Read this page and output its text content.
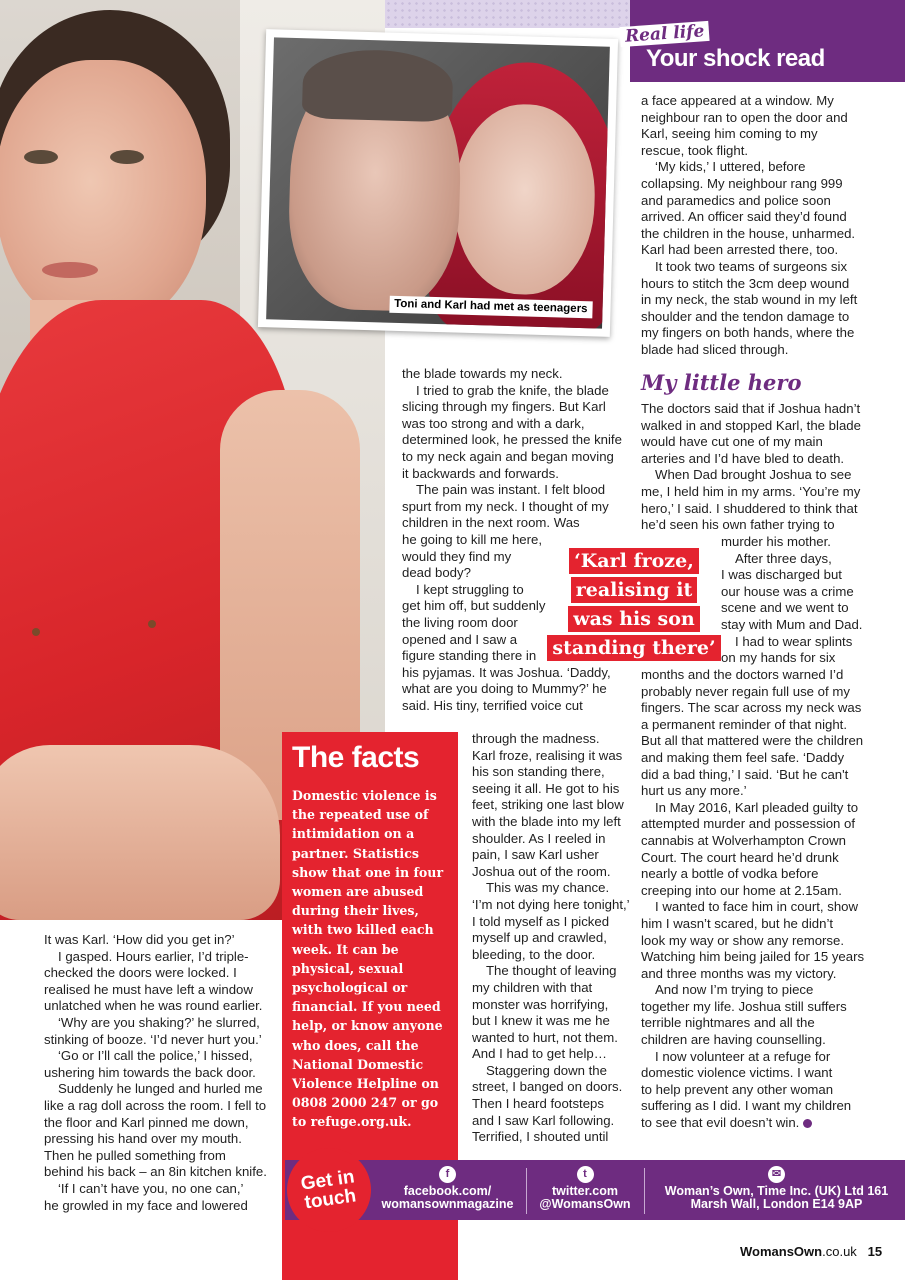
Toni and Karl had met as teenagers
Real life
Your shock read
It was Karl. ‘How did you get in?’
I gasped. Hours earlier, I’d triple-
checked the doors were locked. I
realised he must have left a window
unlatched when he was round earlier.
‘Why are you shaking?’ he slurred,
stinking of booze. ‘I’d never hurt you.’
‘Go or I’ll call the police,’ I hissed,
ushering him towards the back door.
Suddenly he lunged and hurled me
like a rag doll across the room. I fell to
the floor and Karl pinned me down,
pressing his hand over my mouth.
Then he pulled something from
behind his back – an 8in kitchen knife.
‘If I can’t have you, no one can,’
he growled in my face and lowered
the blade towards my neck.
I tried to grab the knife, the blade
slicing through my fingers. But Karl
was too strong and with a dark,
determined look, he pressed the knife
to my neck again and began moving
it backwards and forwards.
The pain was instant. I felt blood
spurt from my neck. I thought of my
children in the next room. Was
he going to kill me here,
would they find my
dead body?
I kept struggling to
get him off, but suddenly
the living room door
opened and I saw a
figure standing there in
his pyjamas. It was Joshua. ‘Daddy,
what are you doing to Mummy?’ he
said. His tiny, terrified voice cut
through the madness.
Karl froze, realising it was
his son standing there,
seeing it all. He got to his
feet, striking one last blow
with the blade into my left
shoulder. As I reeled in
pain, I saw Karl usher
Joshua out of the room.
This was my chance.
‘I’m not dying here tonight,’
I told myself as I picked
myself up and crawled,
bleeding, to the door.
The thought of leaving
my children with that
monster was horrifying,
but I knew it was me he
wanted to hurt, not them.
And I had to get help…
Staggering down the
street, I banged on doors.
Then I heard footsteps
and I saw Karl following.
Terrified, I shouted until
a face appeared at a window. My
neighbour ran to open the door and
Karl, seeing him coming to my
rescue, took flight.
‘My kids,’ I uttered, before
collapsing. My neighbour rang 999
and paramedics and police soon
arrived. An officer said they’d found
the children in the house, unharmed.
Karl had been arrested there, too.
It took two teams of surgeons six
hours to stitch the 3cm deep wound
in my neck, the stab wound in my left
shoulder and the tendon damage to
my fingers on both hands, where the
blade had sliced through.
My little hero
The doctors said that if Joshua hadn’t
walked in and stopped Karl, the blade
would have cut one of my main
arteries and I’d have bled to death.
When Dad brought Joshua to see
me, I held him in my arms. ‘You’re my
hero,’ I said. I shuddered to think that
he’d seen his own father trying to
murder his mother.
After three days,
I was discharged but
our house was a crime
scene and we went to
stay with Mum and Dad.
I had to wear splints
on my hands for six
months and the doctors warned I’d
probably never regain full use of my
fingers. The scar across my neck was
a permanent reminder of that night.
But all that mattered were the children
and making them feel safe. ‘Daddy
did a bad thing,’ I said. ‘But he can't
hurt us any more.’
In May 2016, Karl pleaded guilty to
attempted murder and possession of
cannabis at Wolverhampton Crown
Court. The court heard he’d drunk
nearly a bottle of vodka before
creeping into our home at 2.15am.
I wanted to face him in court, show
him I wasn’t scared, but he didn’t
look my way or show any remorse.
Watching him being jailed for 15 years
and three months was my victory.
And now I’m trying to piece
together my life. Joshua still suffers
terrible nightmares and all the
children are having counselling.
I now volunteer at a refuge for
domestic violence victims. I want
to help prevent any other woman
suffering as I did. I want my children
to see that evil doesn’t win.
‘Karl froze,
realising it
was his son
standing there’
The facts
Domestic violence is the repeated use of intimidation on a partner. Statistics show that one in four women are abused during their lives, with two killed each week. It can be physical, sexual psychological or financial. If you need help, or know anyone who does, call the National Domestic Violence Helpline on 0808 2000 247 or go to refuge.org.uk.
Get in touch
f
facebook.com/ womansownmagazine
t
twitter.com @WomansOwn
✉
Woman’s Own, Time Inc. (UK) Ltd 161 Marsh Wall, London E14 9AP
WomansOwn.co.uk 15
